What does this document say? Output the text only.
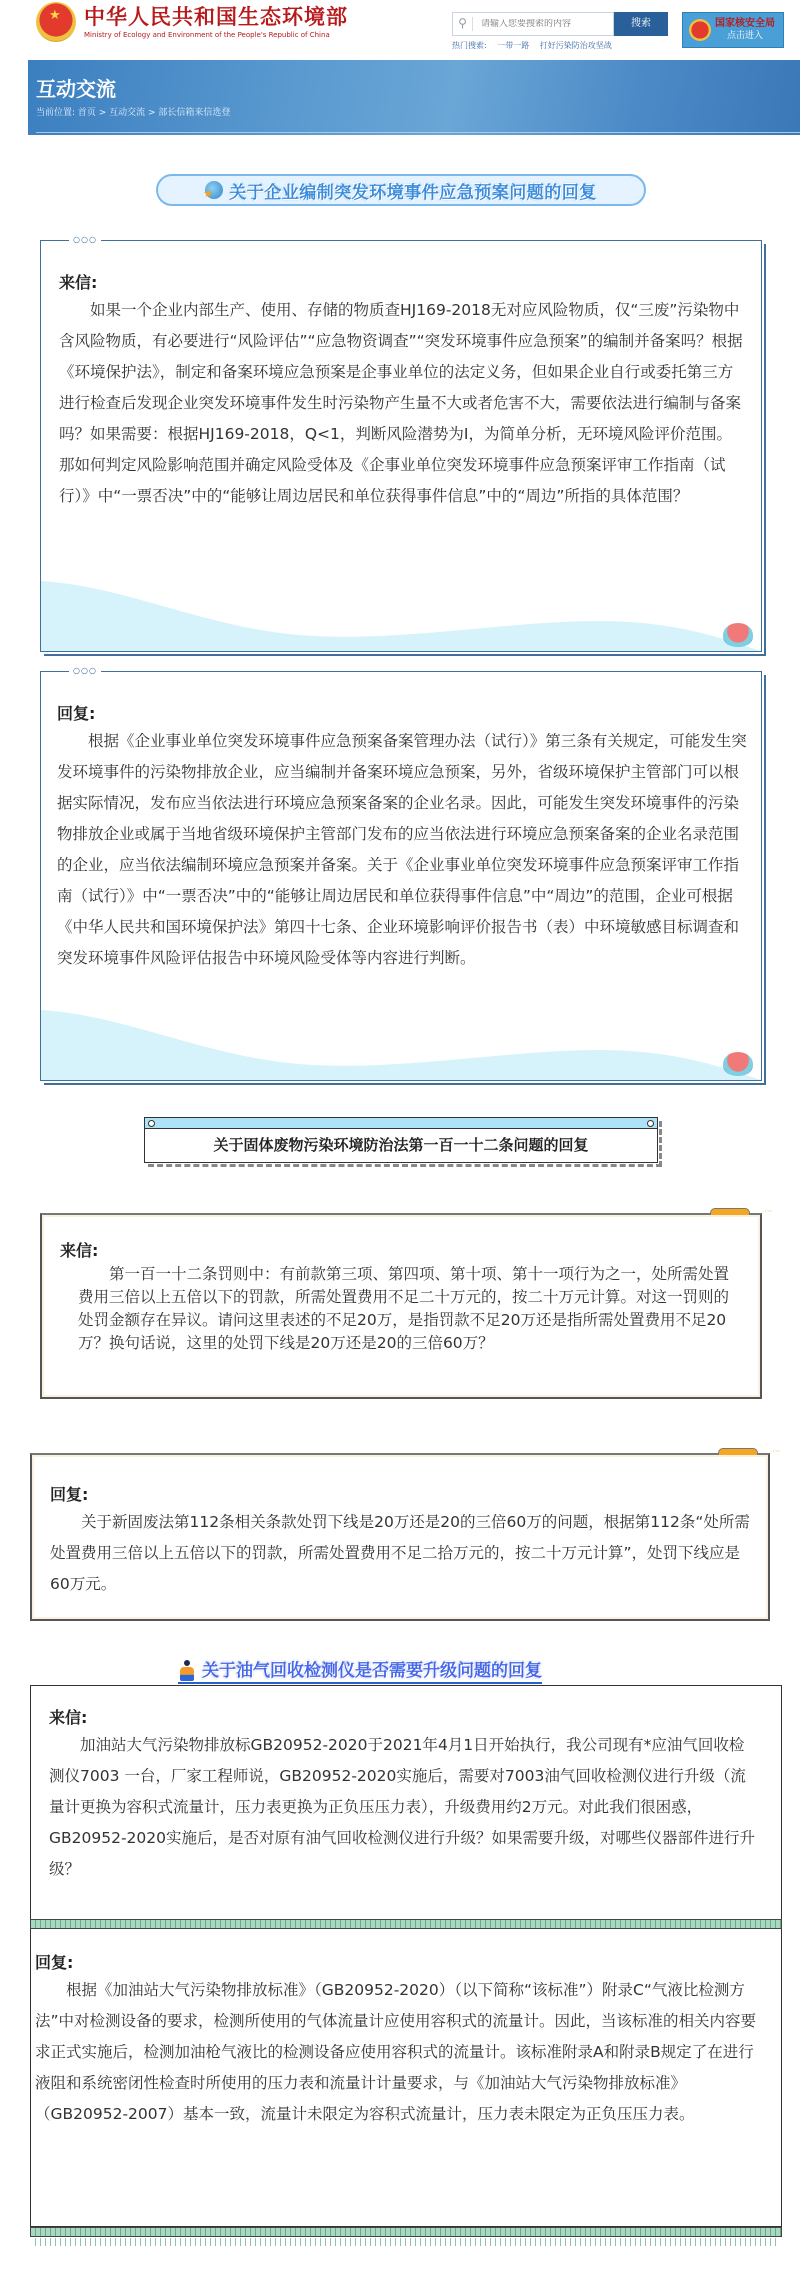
★
中华人民共和国生态环境部
Ministry of Ecology and Environment of the People's Republic of China
⚲
请输入您要搜索的内容	搜索
热门搜索: 一带一路 打好污染防治攻坚战
国家核安全局
点击进入
互动交流
当前位置: 首页 > 互动交流 > 部长信箱来信选登
★
关于企业编制突发环境事件应急预案问题的回复
○○○
来信:
如果一个企业内部生产、使用、存储的物质查HJ169-2018无对应风险物质，仅“三废”污染物中含风险物质，有必要进行“风险评估”“应急物资调查”“突发环境事件应急预案”的编制并备案吗？根据《环境保护法》，制定和备案环境应急预案是企事业单位的法定义务，但如果企业自行或委托第三方进行检查后发现企业突发环境事件发生时污染物产生量不大或者危害不大，需要依法进行编制与备案吗？如果需要：根据HJ169-2018，Q<1，判断风险潜势为I，为简单分析，无环境风险评价范围。那如何判定风险影响范围并确定风险受体及《企事业单位突发环境事件应急预案评审工作指南（试行）》中“一票否决”中的“能够让周边居民和单位获得事件信息”中的“周边”所指的具体范围？
○○○
回复:
根据《企业事业单位突发环境事件应急预案备案管理办法（试行）》第三条有关规定，可能发生突发环境事件的污染物排放企业，应当编制并备案环境应急预案，另外，省级环境保护主管部门可以根据实际情况，发布应当依法进行环境应急预案备案的企业名录。因此，可能发生突发环境事件的污染物排放企业或属于当地省级环境保护主管部门发布的应当依法进行环境应急预案备案的企业名录范围的企业，应当依法编制环境应急预案并备案。关于《企业事业单位突发环境事件应急预案评审工作指南（试行）》中“一票否决”中的“能够让周边居民和单位获得事件信息”中“周边”的范围，企业可根据《中华人民共和国环境保护法》第四十七条、企业环境影响评价报告书（表）中环境敏感目标调查和突发环境事件风险评估报告中环境风险受体等内容进行判断。
关于固体废物污染环境防治法第一百一十二条问题的回复
···
来信:
第一百一十二条罚则中：有前款第三项、第四项、第十项、第十一项行为之一，处所需处置费用三倍以上五倍以下的罚款，所需处置费用不足二十万元的，按二十万元计算。对这一罚则的处罚金额存在异议。请问这里表述的不足20万，是指罚款不足20万还是指所需处置费用不足20万？换句话说，这里的处罚下线是20万还是20的三倍60万？
···
回复:
关于新固废法第112条相关条款处罚下线是20万还是20的三倍60万的问题，根据第112条“处所需处置费用三倍以上五倍以下的罚款，所需处置费用不足二拾万元的，按二十万元计算”，处罚下线应是60万元。
关于油气回收检测仪是否需要升级问题的回复
来信:
加油站大气污染物排放标GB20952-2020于2021年4月1日开始执行，我公司现有*应油气回收检测仪7003 一台，厂家工程师说，GB20952-2020实施后，需要对7003油气回收检测仪进行升级（流量计更换为容积式流量计，压力表更换为正负压压力表），升级费用约2万元。对此我们很困惑，GB20952-2020实施后，是否对原有油气回收检测仪进行升级？如果需要升级，对哪些仪器部件进行升级？
回复:
根据《加油站大气污染物排放标准》（GB20952-2020）（以下简称“该标准”）附录C“气液比检测方法”中对检测设备的要求，检测所使用的气体流量计应使用容积式的流量计。因此，当该标准的相关内容要求正式实施后，检测加油枪气液比的检测设备应使用容积式的流量计。该标准附录A和附录B规定了在进行液阻和系统密闭性检查时所使用的压力表和流量计计量要求，与《加油站大气污染物排放标准》（GB20952-2007）基本一致，流量计未限定为容积式流量计，压力表未限定为正负压压力表。
